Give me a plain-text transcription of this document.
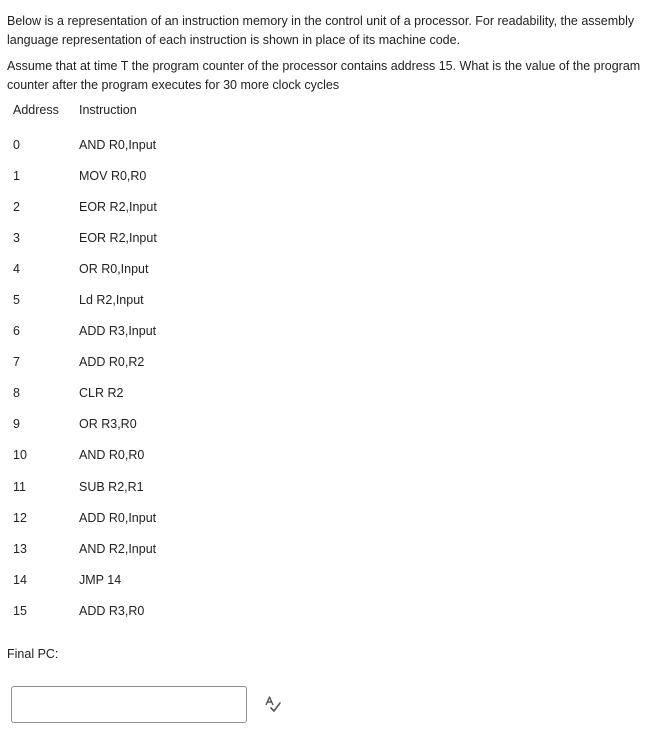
Below is a representation of an instruction memory in the control unit of a processor. For readability, the assembly language representation of each instruction is shown in place of its machine code.

Assume that at time T the program counter of the processor contains address 15. What is the value of the program counter after the program executes for 30 more clock cycles

Address	Instruction
0	AND R0,Input
1	MOV R0,R0
2	EOR R2,Input
3	EOR R2,Input
4	OR R0,Input
5	Ld R2,Input
6	ADD R3,Input
7	ADD R0,R2
8	CLR R2
9	OR R3,R0
10	AND R0,R0
11	SUB R2,R1
12	ADD R0,Input
13	AND R2,Input
14	JMP 14
15	ADD R3,R0
Final PC:
